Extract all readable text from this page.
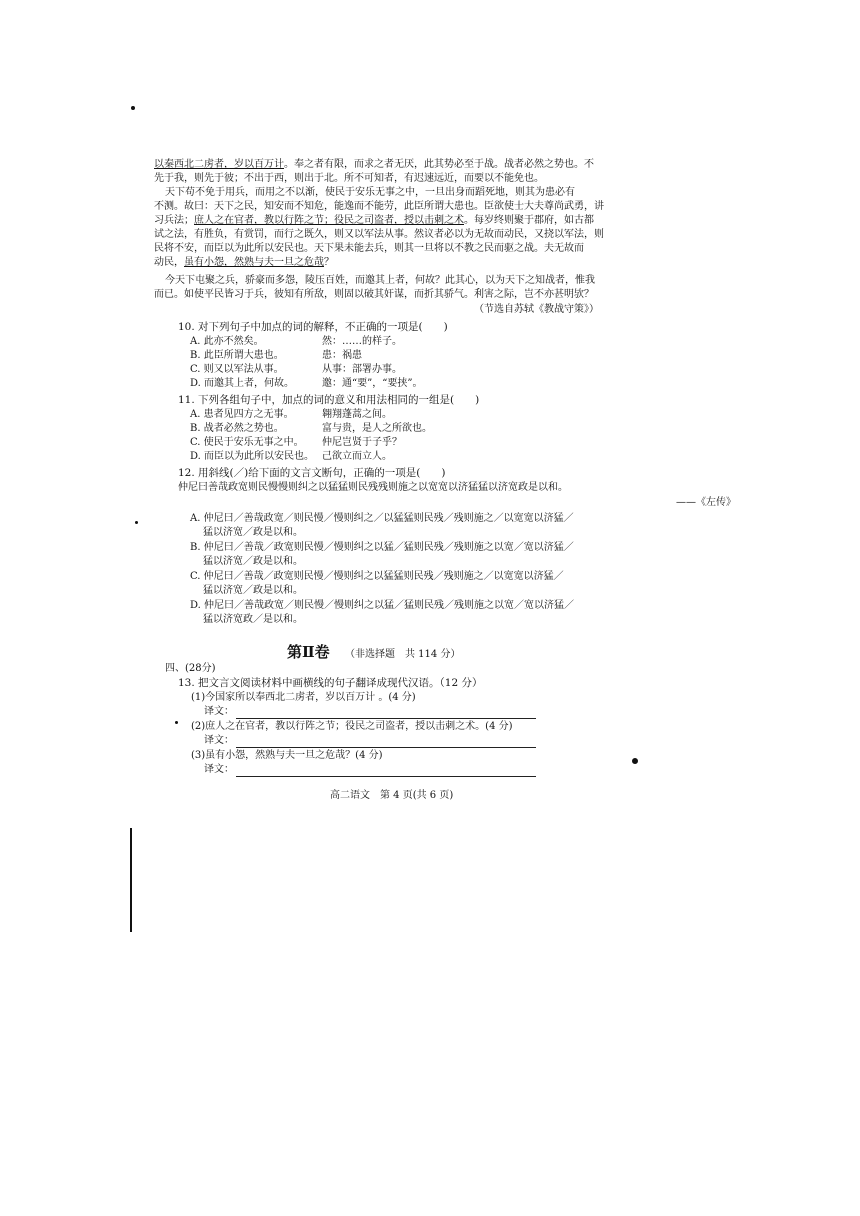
以秦西北二虏者，岁以百万计。奉之者有限，而求之者无厌，此其势必至于战。战者必然之势也。不
先于我，则先于彼；不出于西，则出于北。所不可知者，有迟速远近，而要以不能免也。
天下苟不免于用兵，而用之不以渐，使民于安乐无事之中，一旦出身而蹈死地，则其为患必有
不测。故曰：天下之民，知安而不知危，能逸而不能劳，此臣所谓大患也。臣欲使士大夫尊尚武勇，讲
习兵法；庶人之在官者，教以行阵之节；役民之司盗者，授以击刺之术。每岁终则聚于郡府，如古都
试之法，有胜负，有赏罚，而行之既久，则又以军法从事。然议者必以为无故而动民，又挠以军法，则
民将不安，而臣以为此所以安民也。天下果未能去兵，则其一旦将以不教之民而驱之战。夫无故而
动民，虽有小怨，然熟与夫一旦之危哉？
今天下屯聚之兵，骄豪而多怨，陵压百姓，而邀其上者，何故？此其心，以为天下之知战者，惟我
而已。如使平民皆习于兵，彼知有所敌，则固以破其奸谋，而折其骄气。利害之际，岂不亦甚明欤？
（节选自苏轼《教战守策》）
10. 对下列句子中加点的词的解释，不正确的一项是(　　)
A. 此亦不然矣。	然：……的样子。
B. 此臣所谓大患也。	患：祸患
C. 则又以军法从事。	从事：部署办事。
D. 而邀其上者，何故。	邀：通“要”，“要挟”。
11. 下列各组句子中，加点的词的意义和用法相同的一组是(　　)
A. 患者见四方之无事。	翱翔蓬蒿之间。
B. 战者必然之势也。	富与贵，是人之所欲也。
C. 使民于安乐无事之中。 仲尼岂贤于子乎？
D. 而臣以为此所以安民也。 己欲立而立人。
12. 用斜线(／)给下面的文言文断句，正确的一项是(　　)
仲尼曰善哉政宽则民慢慢则纠之以猛猛则民残残则施之以宽宽以济猛猛以济宽政是以和。
——《左传》
A. 仲尼曰／善哉政宽／则民慢／慢则纠之／以猛猛则民残／残则施之／以宽宽以济猛／
猛以济宽／政是以和。
B. 仲尼曰／善哉／政宽则民慢／慢则纠之以猛／猛则民残／残则施之以宽／宽以济猛／
猛以济宽／政是以和。
C. 仲尼曰／善哉／政宽则民慢／慢则纠之以猛猛则民残／残则施之／以宽宽以济猛／
猛以济宽／政是以和。
D. 仲尼曰／善哉政宽／则民慢／慢则纠之以猛／猛则民残／残则施之以宽／宽以济猛／
猛以济宽政／是以和。
第Ⅱ卷 （非选择题　共 114 分）
四、(28分)
13. 把文言文阅读材料中画横线的句子翻译成现代汉语。（12 分）
(1)今国家所以奉西北二虏者，岁以百万计 。(4 分)
译文：
(2)庶人之在官者，教以行阵之节；役民之司盗者，授以击刺之术。(4 分)
译文：
(3)虽有小怨，然熟与夫一旦之危哉？(4 分)
译文：
高二语文　第 4 页(共 6 页)
